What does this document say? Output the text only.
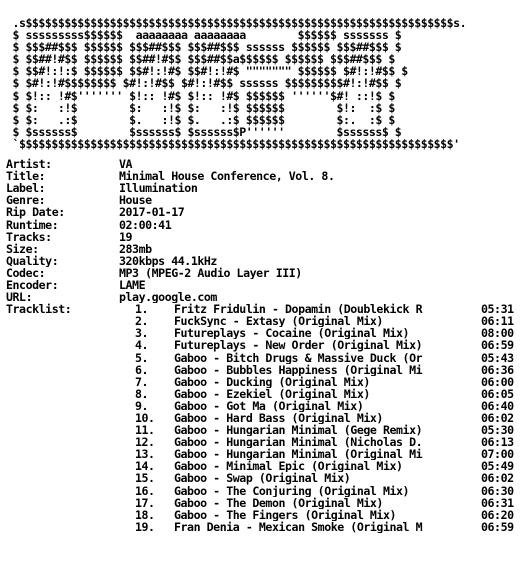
.s$$$$$$$$$$$$$$$$$$$$$$$$$$$$$$$$$$$$$$$$$$$$$$$$$$$$$$$$$$$$$$$$$$s.
$ sssssssss$$$$$$  aaaaaaaa aaaaaaaa        $$$$$$ sssssss $
$ $$$##$$$ $$$$$$ $$$##$$$ $$$##$$$ ssssss $$$$$$ $$$##$$$ $
$ $$##!#$$ $$$$$$ $$##!#$$ $$$##$$a$$$$$$ $$$$$$ $$$##$$$ $
$ $$#!:!:$ $$$$$$ $$#!:!#$ $$#!:!#$ """"""" $$$$$$ $#!:!#$$ $
$ $#!:!#$$$$$$$$ $#!:!#$$ $#!:!#$$ ssssss $$$$$$$$$#!:!#$$ $
$ $!:: !#$''''''' $!:: !#$ $!:: !#$ $$$$$$ ''''''$#! ::!$ $
$ $:   :!$        $:   :!$ $:   :!$ $$$$$$        $!:  :$ $
$ $:   .:$        $.   :!$ $.   .:$ $$$$$$        $:.  :$ $
$ $ssssss$        $ssssss$ $ssssss$P''''''        $ssssss$ $
`$$$$$$$$$$$$$$$$$$$$$$$$$$$$$$$$$$$$$$$$$$$$$$$$$$$$$$$$$$$$$$$$$$$'
Artist:	VA
Title:	Minimal House Conference, Vol. 8.
Label:	Illumination
Genre:	House
Rip Date:	2017-01-17
Runtime:	02:00:41
Tracks:	19
Size:	283mb
Quality:	320kbps 44.1kHz
Codec:	MP3 (MPEG-2 Audio Layer III)
Encoder:	LAME
URL:	play.google.com
Tracklist:	1. Fritz Fridulin - Dopamin (Doublekick R	05:31
2. FuckSync - Extasy (Original Mix)	06:11
3. Futureplays - Cocaine (Original Mix)	08:00
4. Futureplays - New Order (Original Mix)	06:59
5. Gaboo - Bitch Drugs & Massive Duck (Or	05:43
6. Gaboo - Bubbles Happiness (Original Mi	06:36
7. Gaboo - Ducking (Original Mix)	06:00
8. Gaboo - Ezekiel (Original Mix)	06:05
9. Gaboo - Got Ma (Original Mix)	06:40
10. Gaboo - Hard Bass (Original Mix)	06:02
11. Gaboo - Hungarian Minimal (Gege Remix)	05:30
12. Gaboo - Hungarian Minimal (Nicholas D.	06:13
13. Gaboo - Hungarian Minimal (Original Mi	07:00
14. Gaboo - Minimal Epic (Original Mix)	05:49
15. Gaboo - Swap (Original Mix)	06:02
16. Gaboo - The Conjuring (Original Mix)	06:30
17. Gaboo - The Demon (Original Mix)	06:31
18. Gaboo - The Fingers (Original Mix)	06:20
19. Fran Denia - Mexican Smoke (Original M	06:59
